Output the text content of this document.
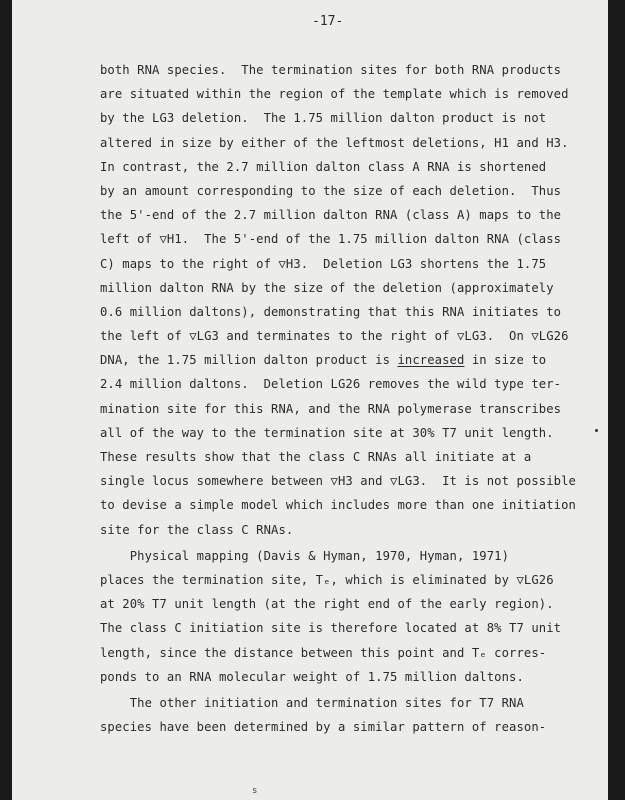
-17-
both RNA species.  The termination sites for both RNA products
are situated within the region of the template which is removed
by the LG3 deletion.  The 1.75 million dalton product is not
altered in size by either of the leftmost deletions, H1 and H3.
In contrast, the 2.7 million dalton class A RNA is shortened
by an amount corresponding to the size of each deletion.  Thus
the 5'-end of the 2.7 million dalton RNA (class A) maps to the
left of ▽H1.  The 5'-end of the 1.75 million dalton RNA (class
C) maps to the right of ▽H3.  Deletion LG3 shortens the 1.75
million dalton RNA by the size of the deletion (approximately
0.6 million daltons), demonstrating that this RNA initiates to
the left of ▽LG3 and terminates to the right of ▽LG3.  On ▽LG26
DNA, the 1.75 million dalton product is increased in size to
2.4 million daltons.  Deletion LG26 removes the wild type ter-
mination site for this RNA, and the RNA polymerase transcribes
all of the way to the termination site at 30% T7 unit length.
These results show that the class C RNAs all initiate at a
single locus somewhere between ▽H3 and ▽LG3.  It is not possible
to devise a simple model which includes more than one initiation
site for the class C RNAs.
Physical mapping (Davis & Hyman, 1970, Hyman, 1971)
places the termination site, Tₑ, which is eliminated by ▽LG26
at 20% T7 unit length (at the right end of the early region).
The class C initiation site is therefore located at 8% T7 unit
length, since the distance between this point and Tₑ corres-
ponds to an RNA molecular weight of 1.75 million daltons.
The other initiation and termination sites for T7 RNA
species have been determined by a similar pattern of reason-
s
